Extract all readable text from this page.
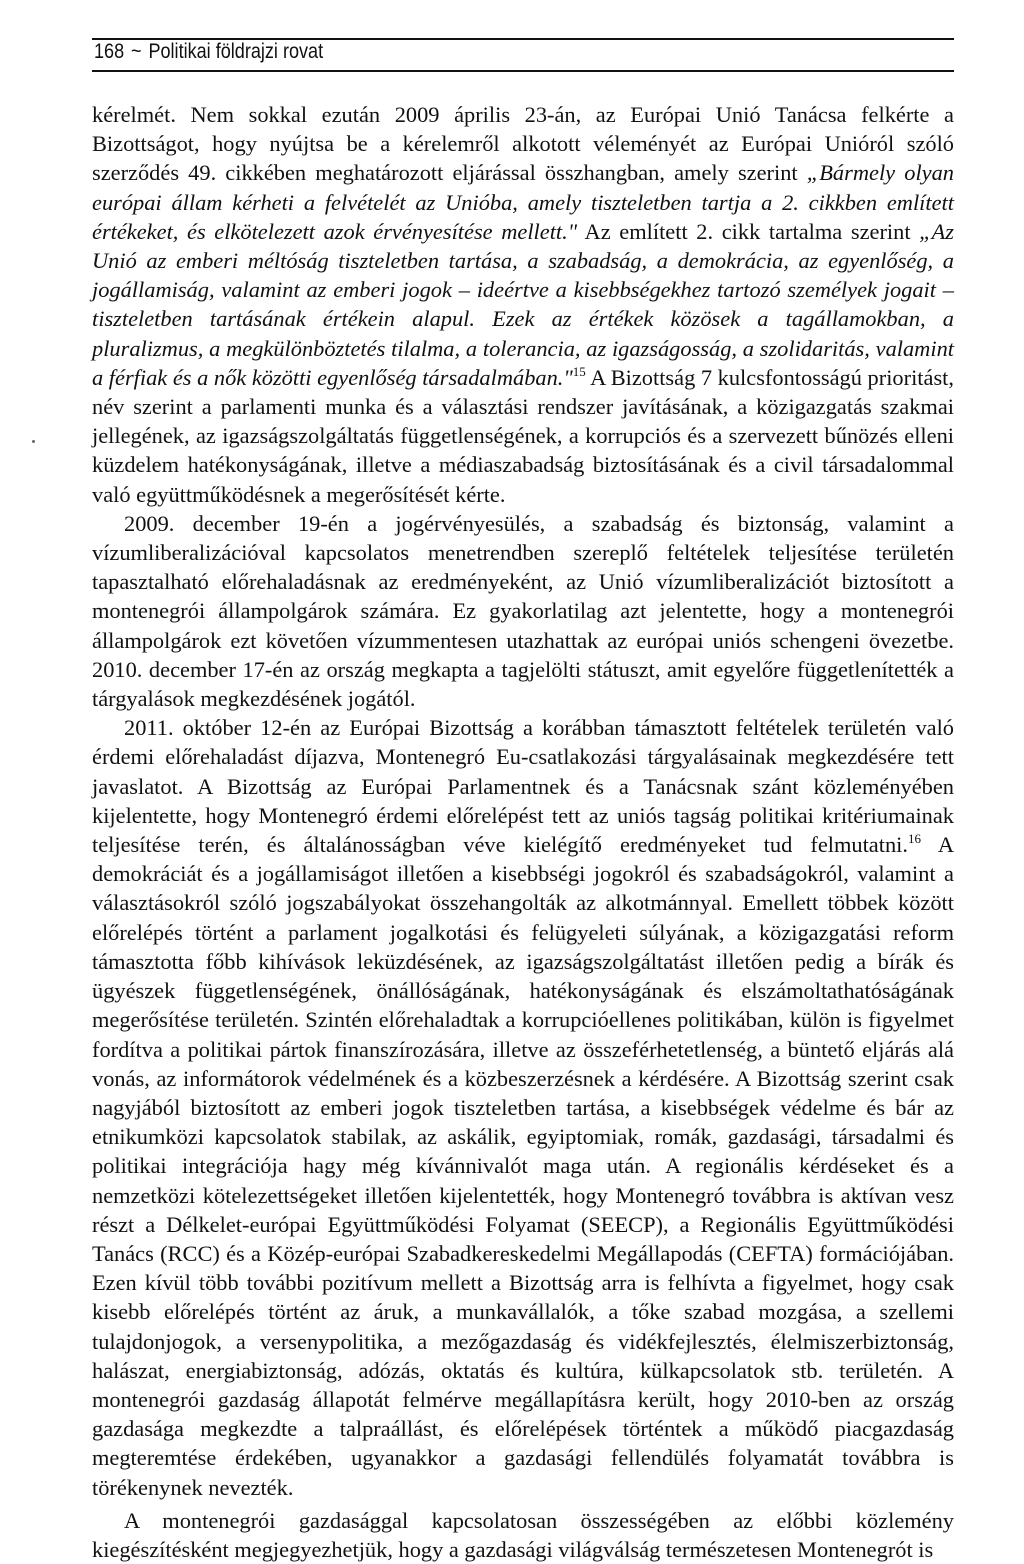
168 ~ Politikai földrajzi rovat

kérelmét. Nem sokkal ezután 2009 április 23-án, az Európai Unió Tanácsa felkérte a Bizottságot, hogy nyújtsa be a kérelemről alkotott véleményét az Európai Unióról szóló szerződés 49. cikkében meghatározott eljárással összhangban, amely szerint „Bármely olyan európai állam kérheti a felvételét az Unióba, amely tiszteletben tartja a 2. cikkben említett értékeket, és elkötelezett azok érvényesítése mellett." Az említett 2. cikk tartalma szerint „Az Unió az emberi méltóság tiszteletben tartása, a szabadság, a demokrácia, az egyenlőség, a jogállamiság, valamint az emberi jogok – ideértve a kisebbségekhez tartozó személyek jogait – tiszteletben tartásának értékein alapul. Ezek az értékek közösek a tagállamokban, a pluralizmus, a megkülönböztetés tilalma, a tolerancia, az igazságosság, a szolidaritás, valamint a férfiak és a nők közötti egyenlőség társadalmában."$^{15}$ A Bizottság 7 kulcsfontosságú prioritást, név szerint a parlamenti munka és a választási rendszer javításának, a közigazgatás szakmai jellegének, az igazságszolgáltatás függetlenségének, a korrupciós és a szervezett bűnözés elleni küzdelem hatékonyságának, illetve a médiaszabadság biztosításának és a civil társadalommal való együttműködésnek a megerősítését kérte.

2009. december 19-én a jogérvényesülés, a szabadság és biztonság, valamint a vízumliberalizációval kapcsolatos menetrendben szereplő feltételek teljesítése területén tapasztalható előrehaladásnak az eredményeként, az Unió vízumliberalizációt biztosított a montenegrói állampolgárok számára. Ez gyakorlatilag azt jelentette, hogy a montenegrói állampolgárok ezt követően vízummentesen utazhattak az európai uniós schengeni övezetbe. 2010. december 17-én az ország megkapta a tagjelölti státuszt, amit egyelőre függetlenítették a tárgyalások megkezdésének jogától.

2011. október 12-én az Európai Bizottság a korábban támasztott feltételek területén való érdemi előrehaladást díjazva, Montenegró Eu-csatlakozási tárgyalásainak megkezdésére tett javaslatot. A Bizottság az Európai Parlamentnek és a Tanácsnak szánt közleményében kijelentette, hogy Montenegró érdemi előrelépést tett az uniós tagság politikai kritériumainak teljesítése terén, és általánosságban véve kielégítő eredményeket tud felmutatni.$^{16}$ A demokráciát és a jogállamiságot illetően a kisebbségi jogokról és szabadságokról, valamint a választásokról szóló jogszabályokat összehangolták az alkotmánnyal. Emellett többek között előrelépés történt a parlament jogalkotási és felügyeleti súlyának, a közigazgatási reform támasztotta főbb kihívások leküzdésének, az igazságszolgáltatást illetően pedig a bírák és ügyészek függetlenségének, önállóságának, hatékonyságának és elszámoltathatóságának megerősítése területén. Szintén előrehaladtak a korrupcióellenes politikában, külön is figyelmet fordítva a politikai pártok finanszírozására, illetve az összeférhetetlenség, a büntető eljárás alá vonás, az informátorok védelmének és a közbeszerzésnek a kérdésére. A Bizottság szerint csak nagyjából biztosított az emberi jogok tiszteletben tartása, a kisebbségek védelme és bár az etnikumközi kapcsolatok stabilak, az askálik, egyiptomiak, romák, gazdasági, társadalmi és politikai integrációja hagy még kívánnivalót maga után. A regionális kérdéseket és a nemzetközi kötelezettségeket illetően kijelentették, hogy Montenegró továbbra is aktívan vesz részt a Délkelet-európai Együttműködési Folyamat (SEECP), a Regionális Együttműködési Tanács (RCC) és a Közép-európai Szabadkereskedelmi Megállapodás (CEFTA) formációjában. Ezen kívül több további pozitívum mellett a Bizottság arra is felhívta a figyelmet, hogy csak kisebb előrelépés történt az áruk, a munkavállalók, a tőke szabad mozgása, a szellemi tulajdonjogok, a versenypolitika, a mezőgazdaság és vidékfejlesztés, élelmiszerbiztonság, halászat, energiabiztonság, adózás, oktatás és kultúra, külkapcsolatok stb. területén. A montenegrói gazdaság állapotát felmérve megállapításra került, hogy 2010-ben az ország gazdasága megkezdte a talpraállást, és előrelépések történtek a működő piacgazdaság megteremtése érdekében, ugyanakkor a gazdasági fellendülés folyamatát továbbra is törékenynek nevezték.

A montenegrói gazdasággal kapcsolatosan összességében az előbbi közlemény kiegészítésként megjegyezhetjük, hogy a gazdasági világválság természetesen Montenegrót is
